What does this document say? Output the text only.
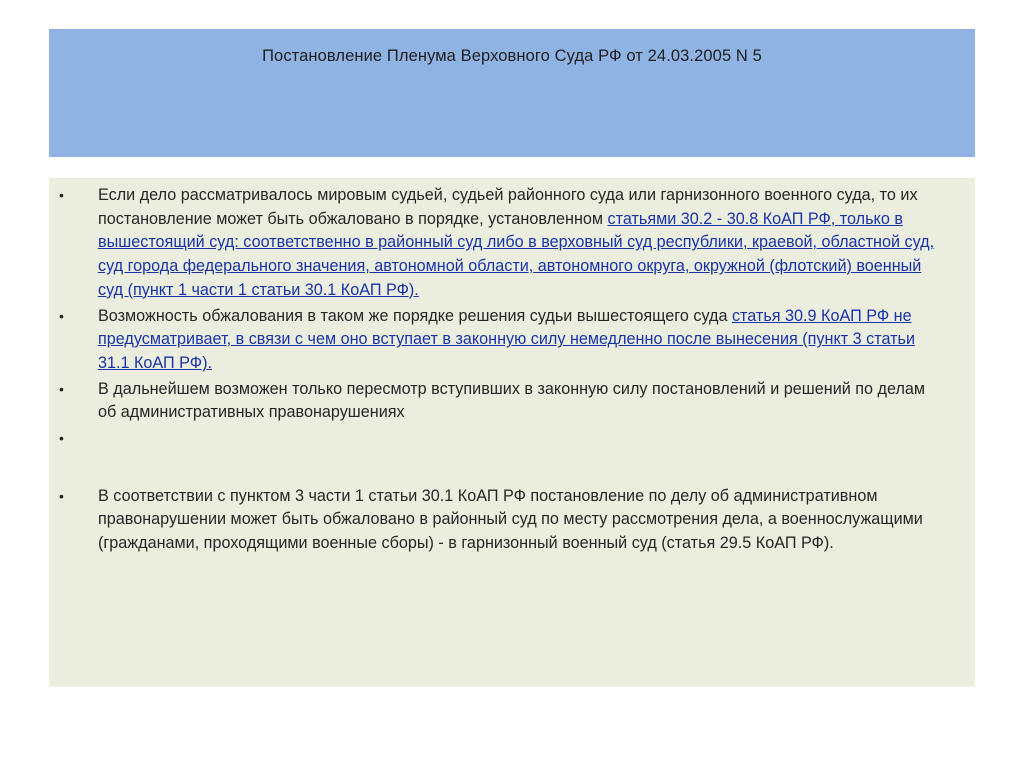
Постановление Пленума Верховного Суда РФ от 24.03.2005 N 5
• Если дело рассматривалось мировым судьей, судьей районного суда или гарнизонного военного суда, то их постановление может быть обжаловано в порядке, установленном статьями 30.2 - 30.8 КоАП РФ, только в вышестоящий суд: соответственно в районный суд либо в верховный суд республики, краевой, областной суд, суд города федерального значения, автономной области, автономного округа, окружной (флотский) военный суд (пункт 1 части 1 статьи 30.1 КоАП РФ).
• Возможность обжалования в таком же порядке решения судьи вышестоящего суда статья 30.9 КоАП РФ не предусматривает, в связи с чем оно вступает в законную силу немедленно после вынесения (пункт 3 статьи 31.1 КоАП РФ).
• В дальнейшем возможен только пересмотр вступивших в законную силу постановлений и решений по делам об административных правонарушениях
•
• В соответствии с пунктом 3 части 1 статьи 30.1 КоАП РФ постановление по делу об административном правонарушении может быть обжаловано в районный суд по месту рассмотрения дела, а военнослужащими (гражданами, проходящими военные сборы) - в гарнизонный военный суд (статья 29.5 КоАП РФ).
